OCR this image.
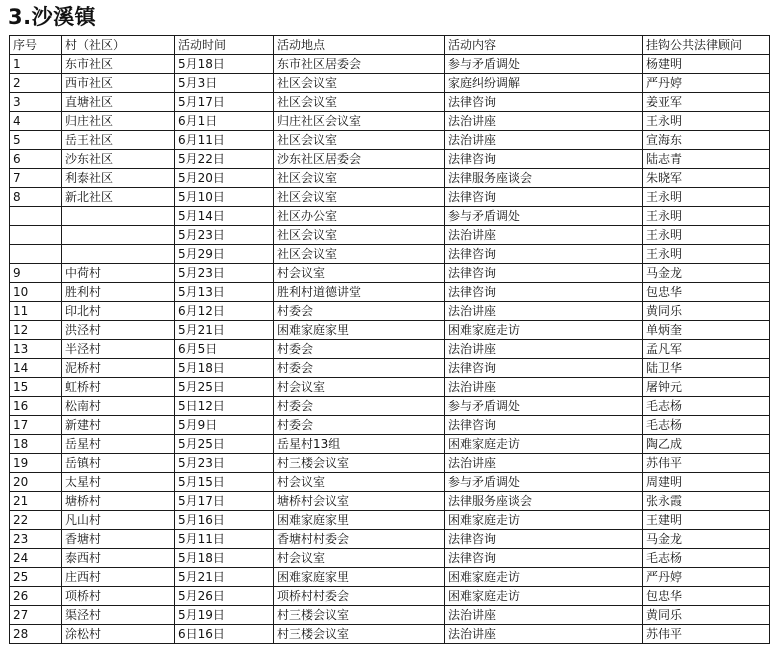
3.沙溪镇
序号	村（社区）	活动时间	活动地点	活动内容	挂钩公共法律顾问
1	东市社区	5月18日	东市社区居委会	参与矛盾调处	杨建明
2	西市社区	5月3日	社区会议室	家庭纠纷调解	严丹婷
3	直塘社区	5月17日	社区会议室	法律咨询	姜亚军
4	归庄社区	6月1日	归庄社区会议室	法治讲座	王永明
5	岳王社区	6月11日	社区会议室	法治讲座	宣海东
6	沙东社区	5月22日	沙东社区居委会	法律咨询	陆志青
7	利泰社区	5月20日	社区会议室	法律服务座谈会	朱晓军
8	新北社区	5月10日	社区会议室	法律咨询	王永明
		5月14日	社区办公室	参与矛盾调处	王永明
		5月23日	社区会议室	法治讲座	王永明
		5月29日	社区会议室	法律咨询	王永明
9	中荷村	5月23日	村会议室	法律咨询	马金龙
10	胜利村	5月13日	胜利村道德讲堂	法律咨询	包忠华
11	印北村	6月12日	村委会	法治讲座	黄同乐
12	洪泾村	5月21日	困难家庭家里	困难家庭走访	单炳奎
13	半泾村	6月5日	村委会	法治讲座	孟凡军
14	泥桥村	5月18日	村委会	法律咨询	陆卫华
15	虹桥村	5月25日	村会议室	法治讲座	屠钟元
16	松南村	5日12日	村委会	参与矛盾调处	毛志杨
17	新建村	5月9日	村委会	法律咨询	毛志杨
18	岳星村	5月25日	岳星村13组	困难家庭走访	陶乙成
19	岳镇村	5月23日	村三楼会议室	法治讲座	苏伟平
20	太星村	5月15日	村会议室	参与矛盾调处	周建明
21	塘桥村	5月17日	塘桥村会议室	法律服务座谈会	张永霞
22	凡山村	5月16日	困难家庭家里	困难家庭走访	王建明
23	香塘村	5月11日	香塘村村委会	法律咨询	马金龙
24	泰西村	5月18日	村会议室	法律咨询	毛志杨
25	庄西村	5月21日	困难家庭家里	困难家庭走访	严丹婷
26	项桥村	5月26日	项桥村村委会	困难家庭走访	包忠华
27	渠泾村	5月19日	村三楼会议室	法治讲座	黄同乐
28	涂松村	6日16日	村三楼会议室	法治讲座	苏伟平
